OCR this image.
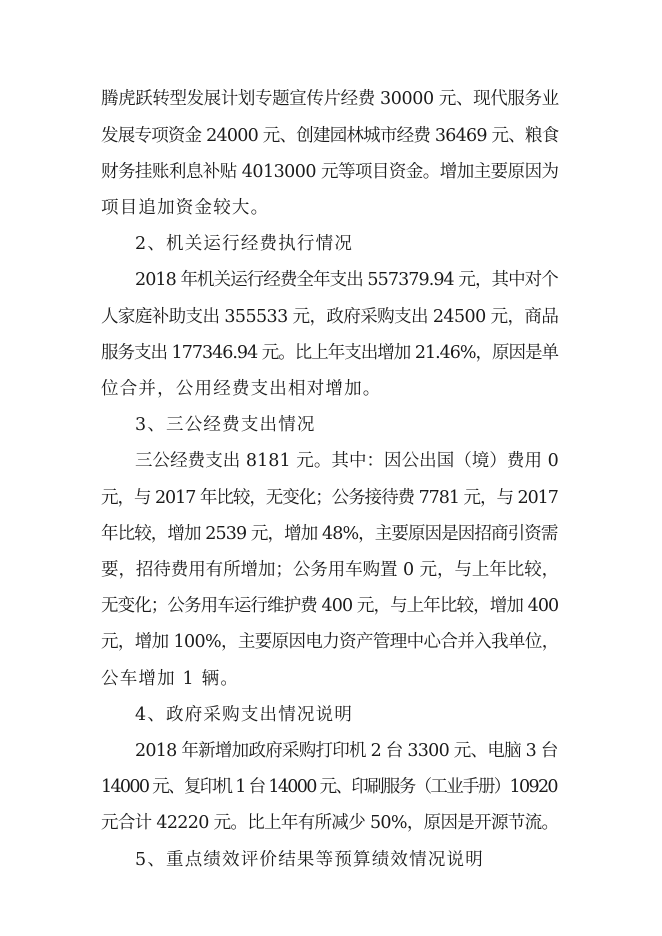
腾虎跃转型发展计划专题宣传片经费 30000 元、现代服务业
发展专项资金 24000 元、创建园林城市经费 36469 元、粮食
财务挂账利息补贴 4013000 元等项目资金。增加主要原因为
项目追加资金较大。
2、机关运行经费执行情况
2018 年机关运行经费全年支出 557379.94 元，其中对个
人家庭补助支出 355533 元，政府采购支出 24500 元，商品
服务支出 177346.94 元。比上年支出增加 21.46%，原因是单
位合并，公用经费支出相对增加。
3、三公经费支出情况
三公经费支出 8181 元。其中：因公出国（境）费用 0
元，与 2017 年比较，无变化；公务接待费 7781 元，与 2017
年比较，增加 2539 元，增加 48%，主要原因是因招商引资需
要，招待费用有所增加；公务用车购置 0 元，与上年比较，
无变化；公务用车运行维护费 400 元，与上年比较，增加 400
元，增加 100%，主要原因电力资产管理中心合并入我单位，
公车增加 1 辆。
4、政府采购支出情况说明
2018 年新增加政府采购打印机 2 台 3300 元、电脑 3 台
14000 元、复印机 1 台 14000 元、印刷服务（工业手册）10920
元合计 42220 元。比上年有所减少 50%，原因是开源节流。
5、重点绩效评价结果等预算绩效情况说明
